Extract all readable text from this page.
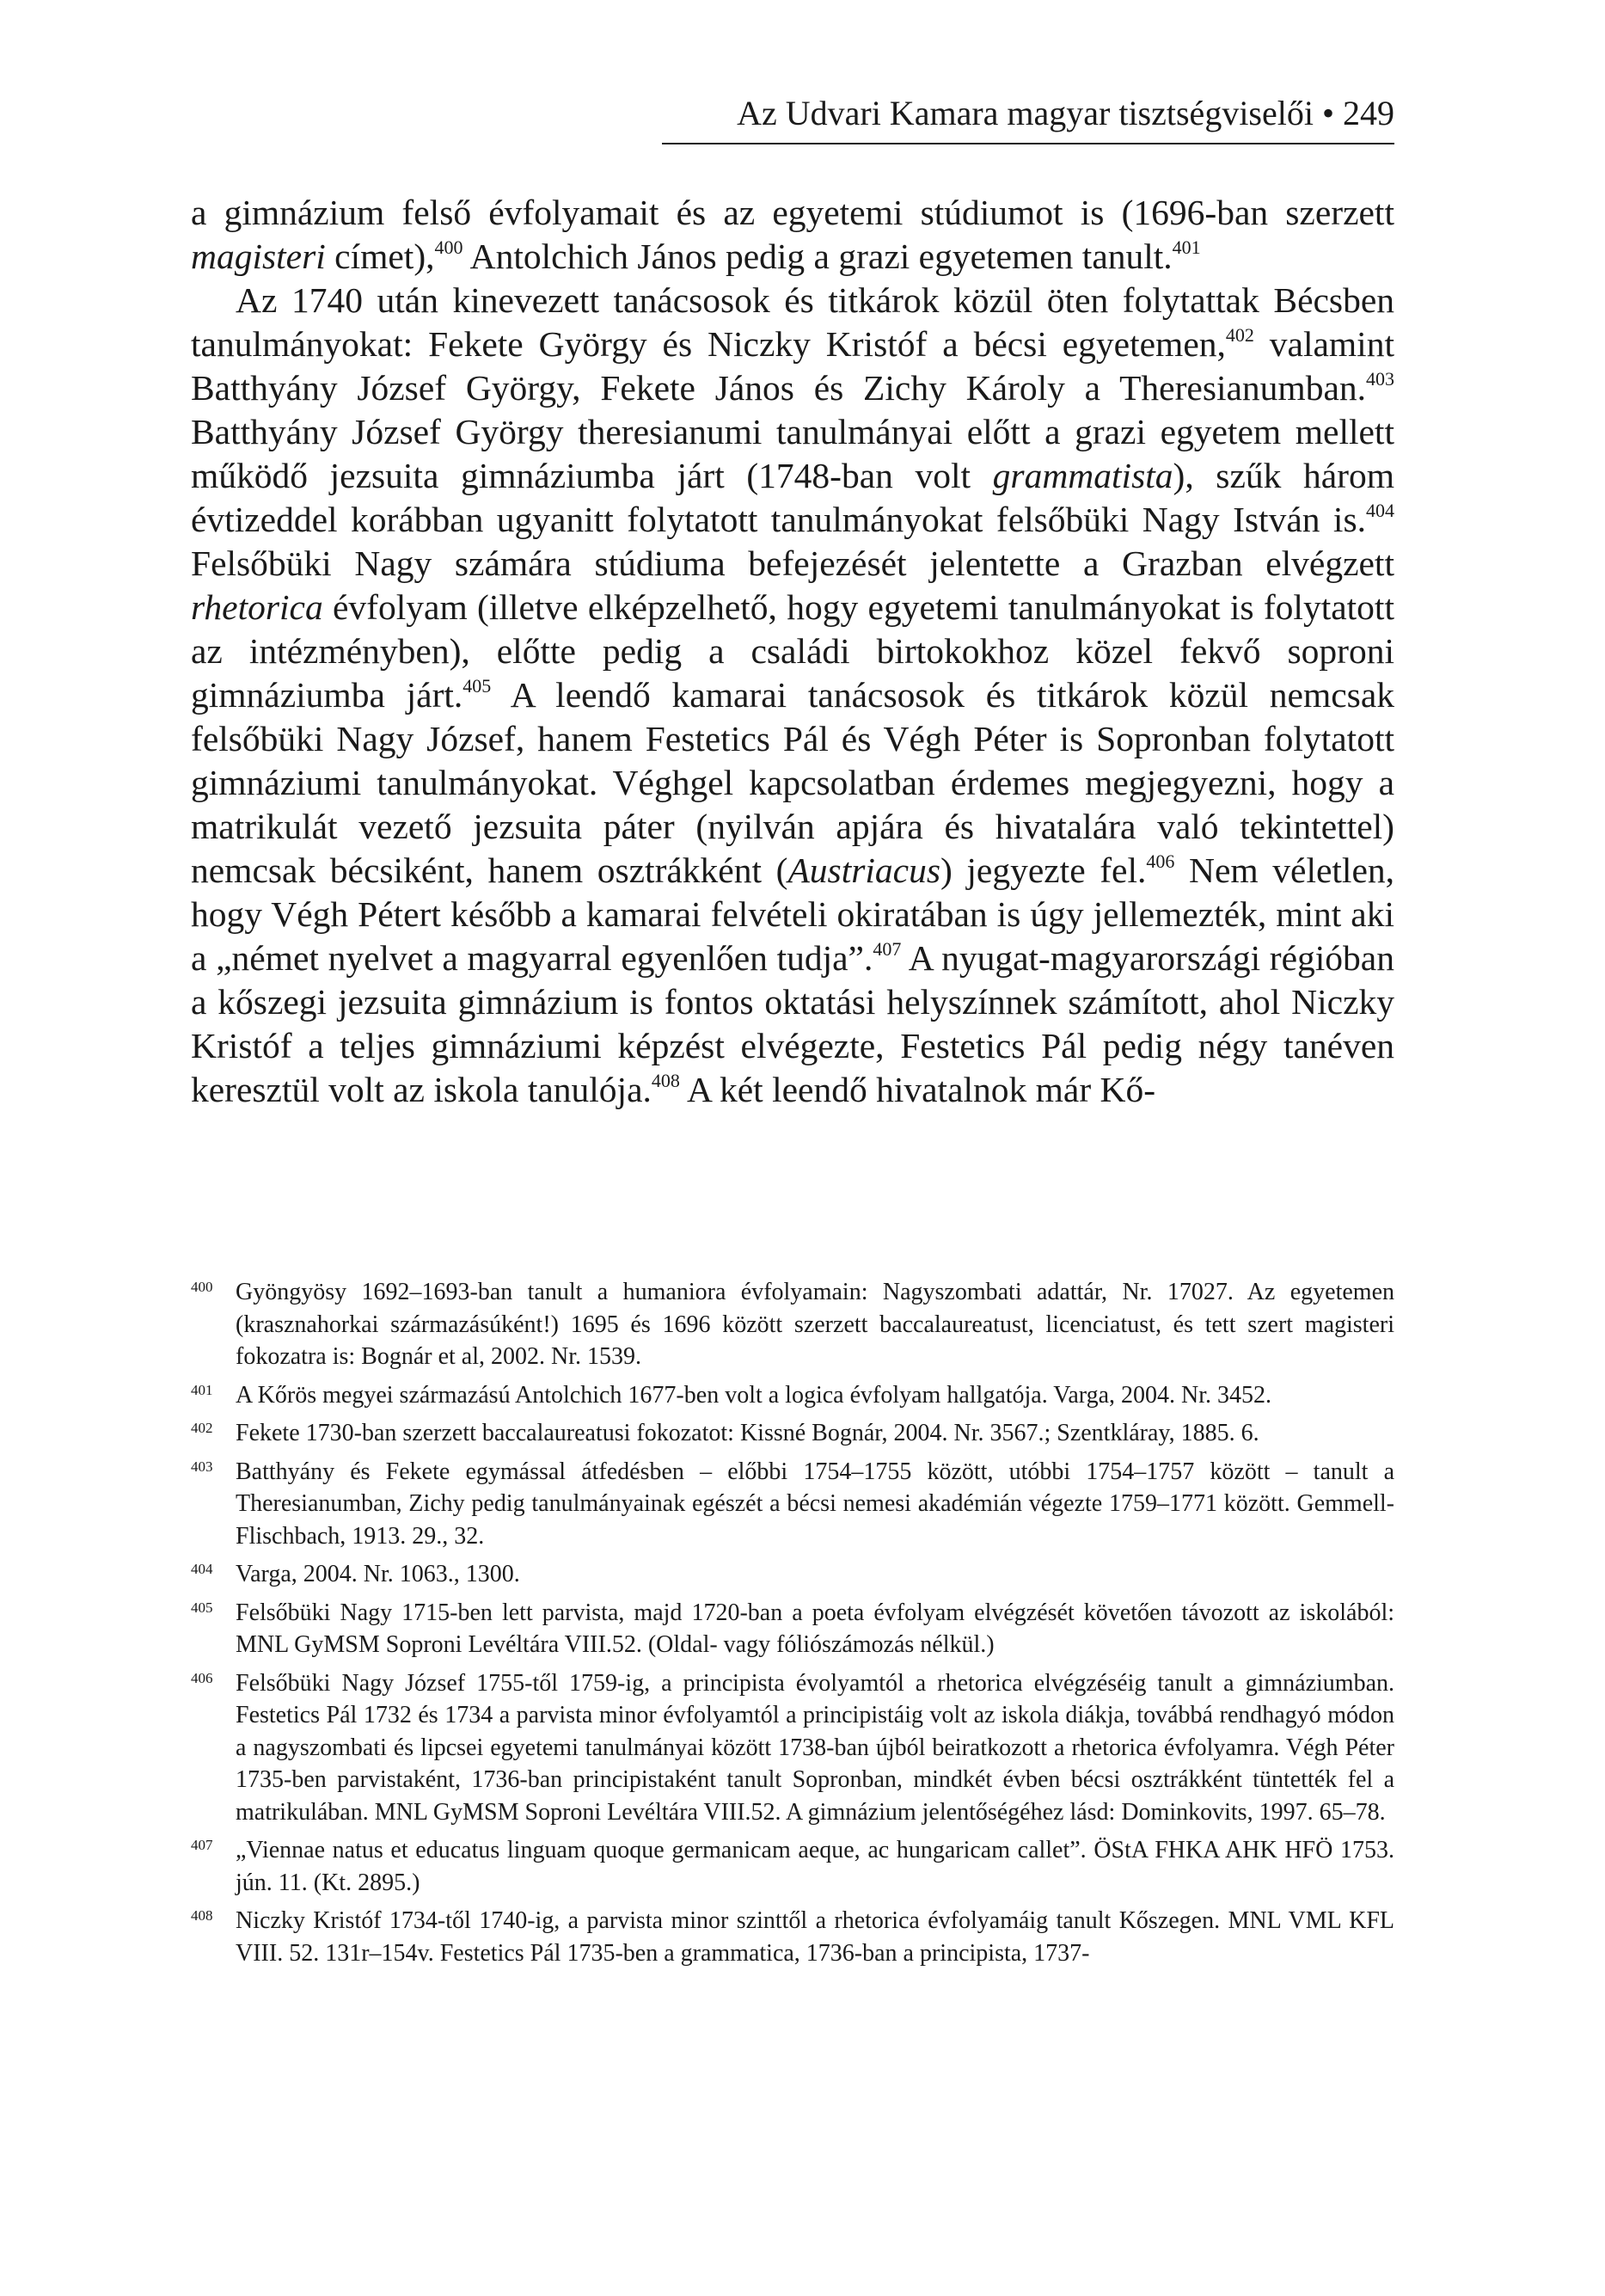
Az Udvari Kamara magyar tisztségviselői • 249

a gimnázium felső évfolyamait és az egyetemi stúdiumot is (1696-ban szerzett magisteri címet),$^{400}$ Antolchich János pedig a grazi egyetemen tanult.$^{401}$

Az 1740 után kinevezett tanácsosok és titkárok közül öten folytattak Bécsben tanulmányokat: Fekete György és Niczky Kristóf a bécsi egyetemen,$^{402}$ valamint Batthyány József György, Fekete János és Zichy Károly a Theresianumban.$^{403}$ Batthyány József György theresianumi tanulmányai előtt a grazi egyetem mellett működő jezsuita gimnáziumba járt (1748-ban volt grammatista), szűk három évtizeddel korábban ugyanitt folytatott tanulmányokat felsőbüki Nagy István is.$^{404}$ Felsőbüki Nagy számára stúdiuma befejezését jelentette a Grazban elvégzett rhetorica évfolyam (illetve elképzelhető, hogy egyetemi tanulmányokat is folytatott az intézményben), előtte pedig a családi birtokokhoz közel fekvő soproni gimnáziumba járt.$^{405}$ A leendő kamarai tanácsosok és titkárok közül nemcsak felsőbüki Nagy József, hanem Festetics Pál és Végh Péter is Sopronban folytatott gimnáziumi tanulmányokat. Véghgel kapcsolatban érdemes megjegyezni, hogy a matrikulát vezető jezsuita páter (nyilván apjára és hivatalára való tekintettel) nemcsak bécsiként, hanem osztrákként (Austriacus) jegyezte fel.$^{406}$ Nem véletlen, hogy Végh Pétert később a kamarai felvételi okiratában is úgy jellemezték, mint aki a „német nyelvet a magyarral egyenlően tudja”.$^{407}$ A nyugat-magyarországi régióban a kőszegi jezsuita gimnázium is fontos oktatási helyszínnek számított, ahol Niczky Kristóf a teljes gimnáziumi képzést elvégezte, Festetics Pál pedig négy tanéven keresztül volt az iskola tanulója.$^{408}$ A két leendő hivatalnok már Kő-

400 Gyöngyösy 1692–1693-ban tanult a humaniora évfolyamain: Nagyszombati adattár, Nr. 17027. Az egyetemen (krasznahorkai származásúként!) 1695 és 1696 között szerzett baccalaureatust, licenciatust, és tett szert magisteri fokozatra is: Bognár et al, 2002. Nr. 1539.
401 A Kőrös megyei származású Antolchich 1677-ben volt a logica évfolyam hallgatója. Varga, 2004. Nr. 3452.
402 Fekete 1730-ban szerzett baccalaureatusi fokozatot: Kissné Bognár, 2004. Nr. 3567.; Szentkláray, 1885. 6.
403 Batthyány és Fekete egymással átfedésben – előbbi 1754–1755 között, utóbbi 1754–1757 között – tanult a Theresianumban, Zichy pedig tanulmányainak egészét a bécsi nemesi akadémián végezte 1759–1771 között. Gemmell-Flischbach, 1913. 29., 32.
404 Varga, 2004. Nr. 1063., 1300.
405 Felsőbüki Nagy 1715-ben lett parvista, majd 1720-ban a poeta évfolyam elvégzését követően távozott az iskolából: MNL GyMSM Soproni Levéltára VIII.52. (Oldal- vagy fóliószámozás nélkül.)
406 Felsőbüki Nagy József 1755-től 1759-ig, a principista évolyamtól a rhetorica elvégzéséig tanult a gimnáziumban. Festetics Pál 1732 és 1734 a parvista minor évfolyamtól a principistáig volt az iskola diákja, továbbá rendhagyó módon a nagyszombati és lipcsei egyetemi tanulmányai között 1738-ban újból beiratkozott a rhetorica évfolyamra. Végh Péter 1735-ben parvistaként, 1736-ban principistaként tanult Sopronban, mindkét évben bécsi osztrákként tüntették fel a matrikulában. MNL GyMSM Soproni Levéltára VIII.52. A gimnázium jelentőségéhez lásd: Dominkovits, 1997. 65–78.
407 „Viennae natus et educatus linguam quoque germanicam aeque, ac hungaricam callet”. ÖStA FHKA AHK HFÖ 1753. jún. 11. (Kt. 2895.)
408 Niczky Kristóf 1734-től 1740-ig, a parvista minor szinttől a rhetorica évfolyamáig tanult Kőszegen. MNL VML KFL VIII. 52. 131r–154v. Festetics Pál 1735-ben a grammatica, 1736-ban a principista, 1737-
